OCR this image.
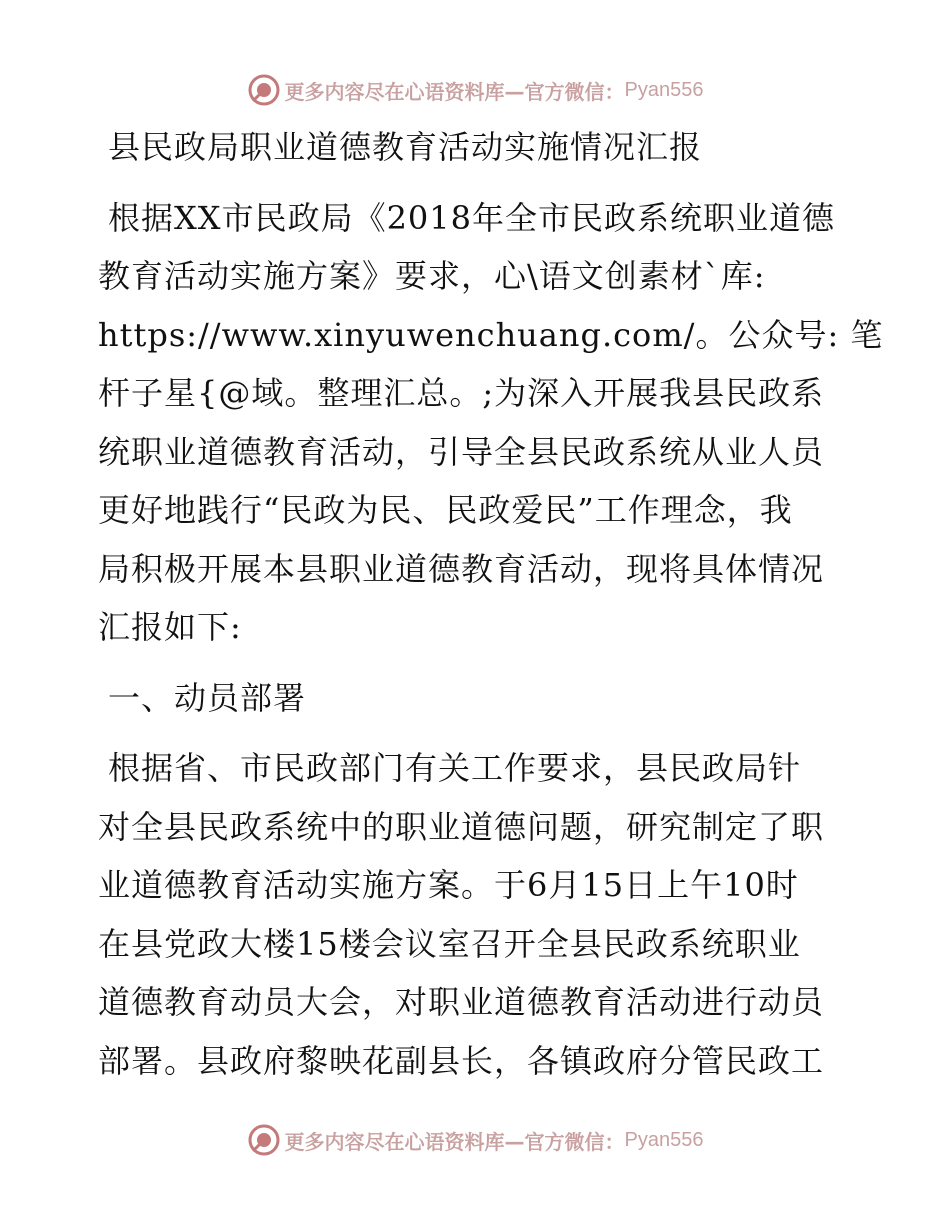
更多内容尽在心语资料库—官方微信： Pyan556
县民政局职业道德教育活动实施情况汇报
根据XX市民政局《2018年全市民政系统职业道德
教育活动实施方案》要求，心\语文创素材`库:
https://www.xinyuwenchuang.com/。公众号: 笔
杆子星{@域。整理汇总。;为深入开展我县民政系
统职业道德教育活动，引导全县民政系统从业人员
更好地践行“民政为民、民政爱民”工作理念，我
局积极开展本县职业道德教育活动，现将具体情况
汇报如下:
一、动员部署
根据省、市民政部门有关工作要求，县民政局针
对全县民政系统中的职业道德问题，研究制定了职
业道德教育活动实施方案。于6月15日上午10时
在县党政大楼15楼会议室召开全县民政系统职业
道德教育动员大会，对职业道德教育活动进行动员
部署。县政府黎映花副县长，各镇政府分管民政工
更多内容尽在心语资料库—官方微信： Pyan556
